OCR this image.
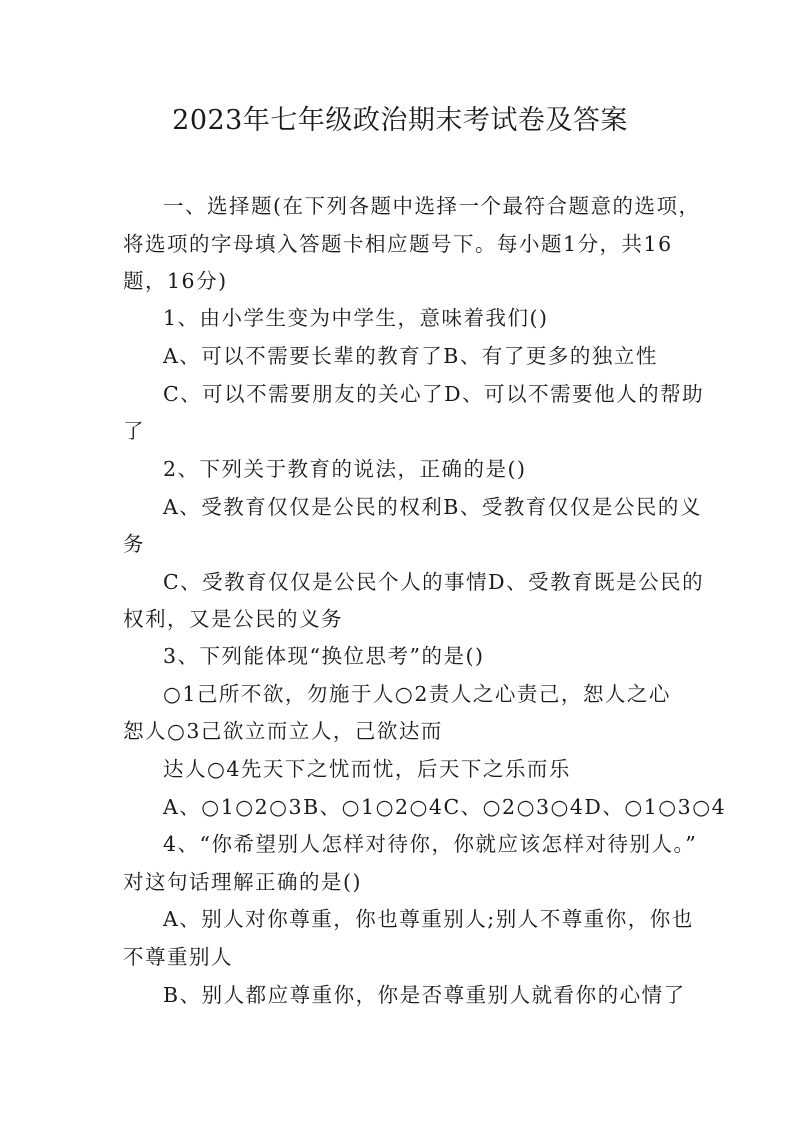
2023年七年级政治期末考试卷及答案
一、选择题(在下列各题中选择一个最符合题意的选项，
将选项的字母填入答题卡相应题号下。每小题1分，共16
题，16分)
1、由小学生变为中学生，意味着我们()
A、可以不需要长辈的教育了B、有了更多的独立性
C、可以不需要朋友的关心了D、可以不需要他人的帮助
了
2、下列关于教育的说法，正确的是()
A、受教育仅仅是公民的权利B、受教育仅仅是公民的义
务
C、受教育仅仅是公民个人的事情D、受教育既是公民的
权利，又是公民的义务
3、下列能体现“换位思考”的是()
○1己所不欲，勿施于人○2责人之心责己，恕人之心
恕人○3己欲立而立人，己欲达而
达人○4先天下之忧而忧，后天下之乐而乐
A、○1○2○3B、○1○2○4C、○2○3○4D、○1○3○4
4、“你希望别人怎样对待你，你就应该怎样对待别人。”
对这句话理解正确的是()
A、别人对你尊重，你也尊重别人;别人不尊重你，你也
不尊重别人
B、别人都应尊重你，你是否尊重别人就看你的心情了
